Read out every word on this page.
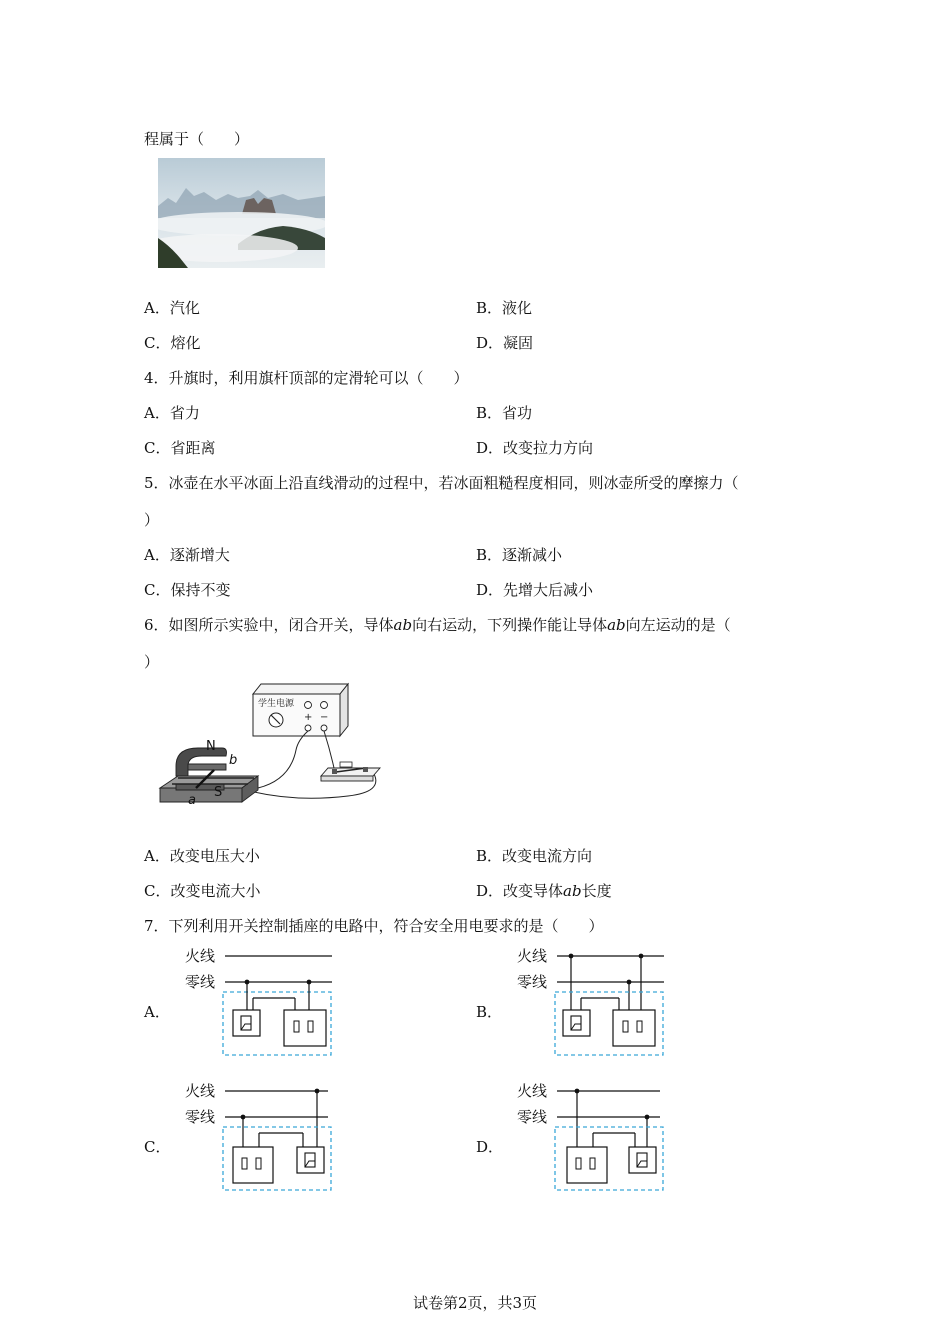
程属于（　　）
A．汽化	B．液化
C．熔化	D．凝固
4．升旗时，利用旗杆顶部的定滑轮可以（　　）
A．省力	B．省功
C．省距离	D．改变拉力方向
5．冰壶在水平冰面上沿直线滑动的过程中，若冰面粗糙程度相同，则冰壶所受的摩擦力（
）
A．逐渐增大	B．逐渐减小
C．保持不变	D．先增大后减小
6．如图所示实验中，闭合开关，导体ab向右运动，下列操作能让导体ab向左运动的是（
）
学生电源
+ −
N
b
S
a
A．改变电压大小	B．改变电流方向
C．改变电流大小	D．改变导体ab长度
7．下列利用开关控制插座的电路中，符合安全用电要求的是（　　）
A．
火线
零线
B．
火线
零线
C．
火线
零线
D．
火线
零线
试卷第2页，共3页
